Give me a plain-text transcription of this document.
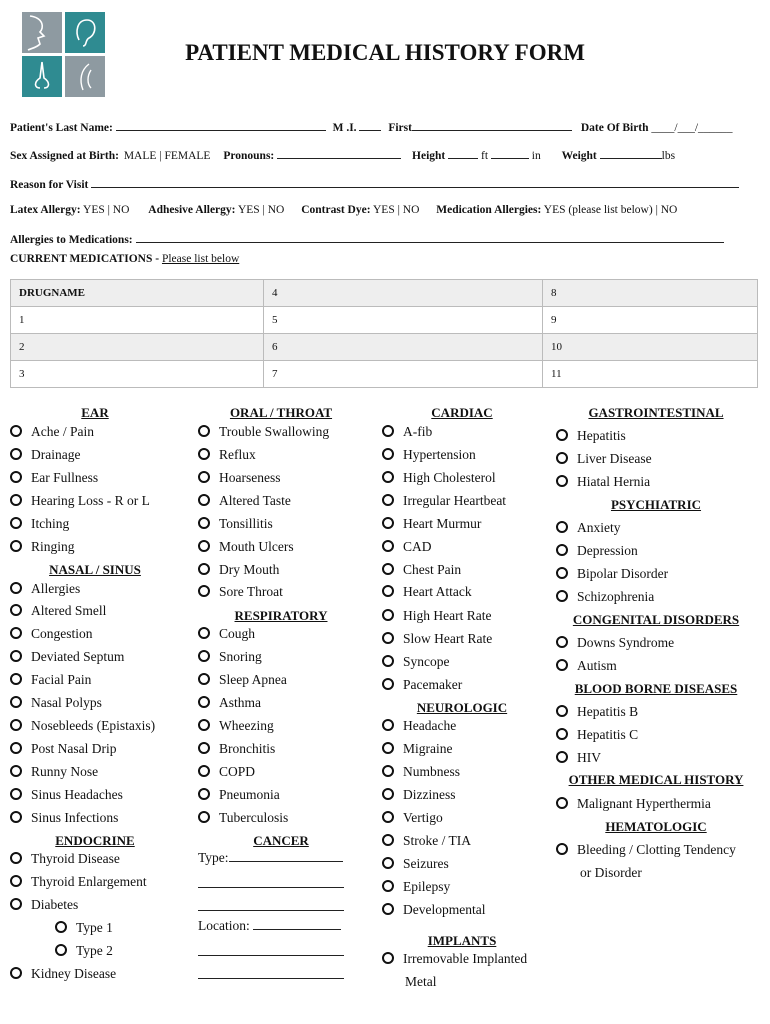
PATIENT MEDICAL HISTORY FORM
Patient's Last Name:	M .I.	First	Date Of Birth ____/___/______
Sex Assigned at Birth: MALE | FEMALE Pronouns:	Height	ft	in Weight	lbs
Reason for Visit
Latex Allergy: YES | NO Adhesive Allergy: YES | NO Contrast Dye: YES | NO Medication Allergies: YES (please list below) | NO
Allergies to Medications:
CURRENT MEDICATIONS - Please list below
DRUGNAME	4	8
1	5	9
2	6	10
3	7	11
EAR
Ache / Pain
Drainage
Ear Fullness
Hearing Loss - R or L
Itching
Ringing
NASAL / SINUS
Allergies
Altered Smell
Congestion
Deviated Septum
Facial Pain
Nasal Polyps
Nosebleeds (Epistaxis)
Post Nasal Drip
Runny Nose
Sinus Headaches
Sinus Infections
ENDOCRINE
Thyroid Disease
Thyroid Enlargement
Diabetes
Type 1
Type 2
Kidney Disease
ORAL / THROAT
Trouble Swallowing
Reflux
Hoarseness
Altered Taste
Tonsillitis
Mouth Ulcers
Dry Mouth
Sore Throat
RESPIRATORY
Cough
Snoring
Sleep Apnea
Asthma
Wheezing
Bronchitis
COPD
Pneumonia
Tuberculosis
CANCER
Type:
Location:
CARDIAC
A-fib
Hypertension
High Cholesterol
Irregular Heartbeat
Heart Murmur
CAD
Chest Pain
Heart Attack
High Heart Rate
Slow Heart Rate
Syncope
Pacemaker
NEUROLOGIC
Headache
Migraine
Numbness
Dizziness
Vertigo
Stroke / TIA
Seizures
Epilepsy
Developmental
IMPLANTS
Irremovable Implanted
Metal
GASTROINTESTINAL
Hepatitis
Liver Disease
Hiatal Hernia
PSYCHIATRIC
Anxiety
Depression
Bipolar Disorder
Schizophrenia
CONGENITAL DISORDERS
Downs Syndrome
Autism
BLOOD BORNE DISEASES
Hepatitis B
Hepatitis C
HIV
OTHER MEDICAL HISTORY
Malignant Hyperthermia
HEMATOLOGIC
Bleeding / Clotting Tendency
or Disorder
